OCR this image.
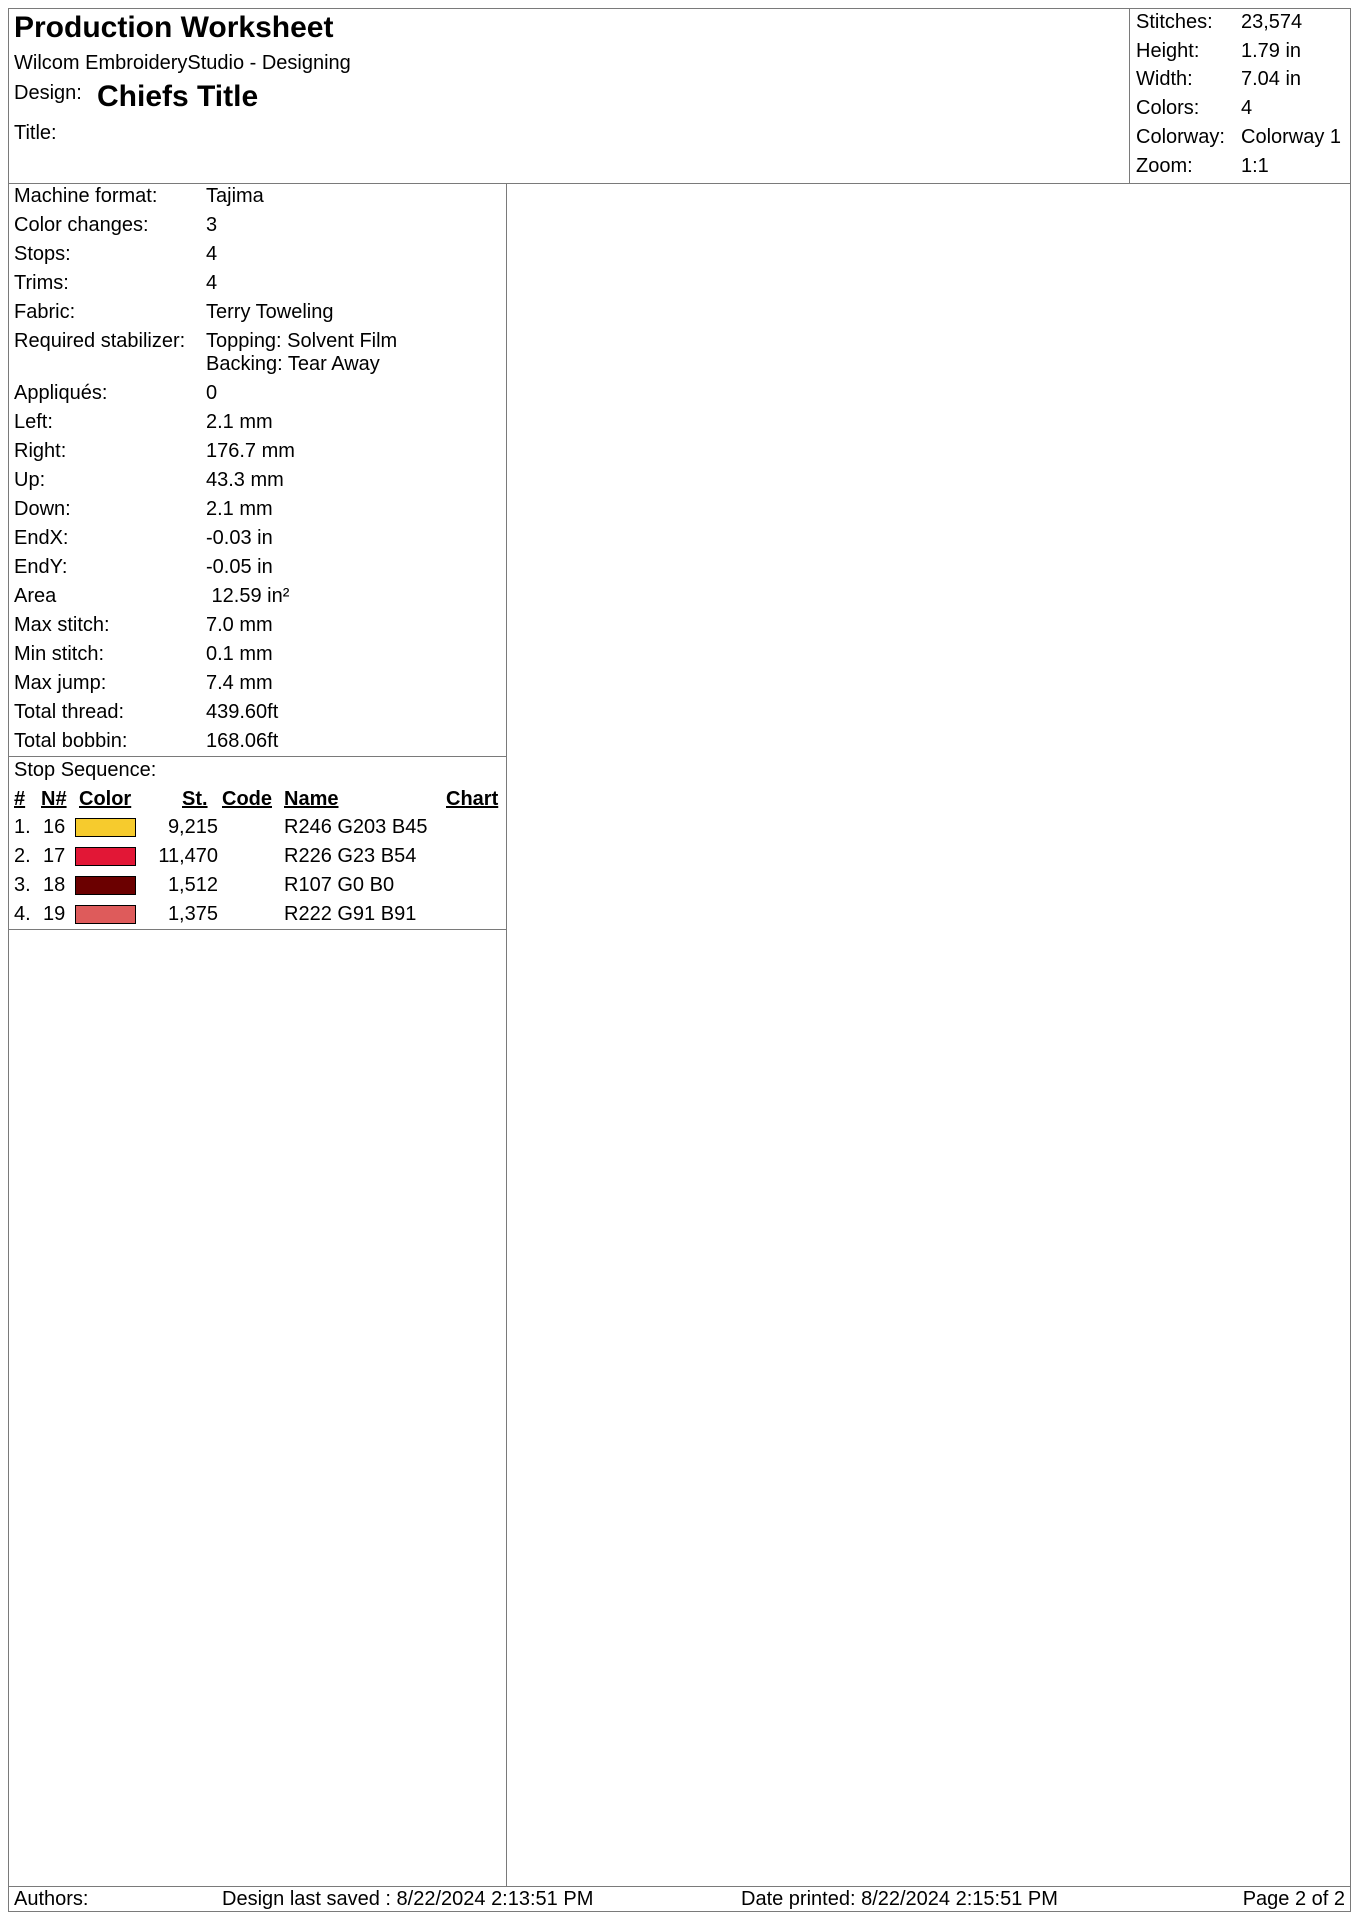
Production Worksheet
Wilcom EmbroideryStudio - Designing
Design: Chiefs Title
Title:
Stitches: 23,574
Height: 1.79 in
Width: 7.04 in
Colors: 4
Colorway: Colorway 1
Zoom: 1:1
Machine format: Tajima
Color changes:	3
Stops:	4
Trims:	4
Fabric:	Terry Toweling
Required stabilizer: Topping: Solvent Film
Backing: Tear Away
Appliqués:	0
Left:	2.1 mm
Right:	176.7 mm
Up:	43.3 mm
Down:	2.1 mm
EndX:	-0.03 in
EndY:	-0.05 in
Area	12.59 in²
Max stitch:	7.0 mm
Min stitch:	0.1 mm
Max jump:	7.4 mm
Total thread:	439.60ft
Total bobbin:	168.06ft
Stop Sequence:
# N# Color	St. Code Name	Chart
1. 16	9,215	R246 G203 B45
2. 17	11,470	R226 G23 B54
3. 18	1,512	R107 G0 B0
4. 19	1,375	R222 G91 B91
Authors:	Design last saved : 8/22/2024 2:13:51 PM	Date printed: 8/22/2024 2:15:51 PM	Page 2 of 2
